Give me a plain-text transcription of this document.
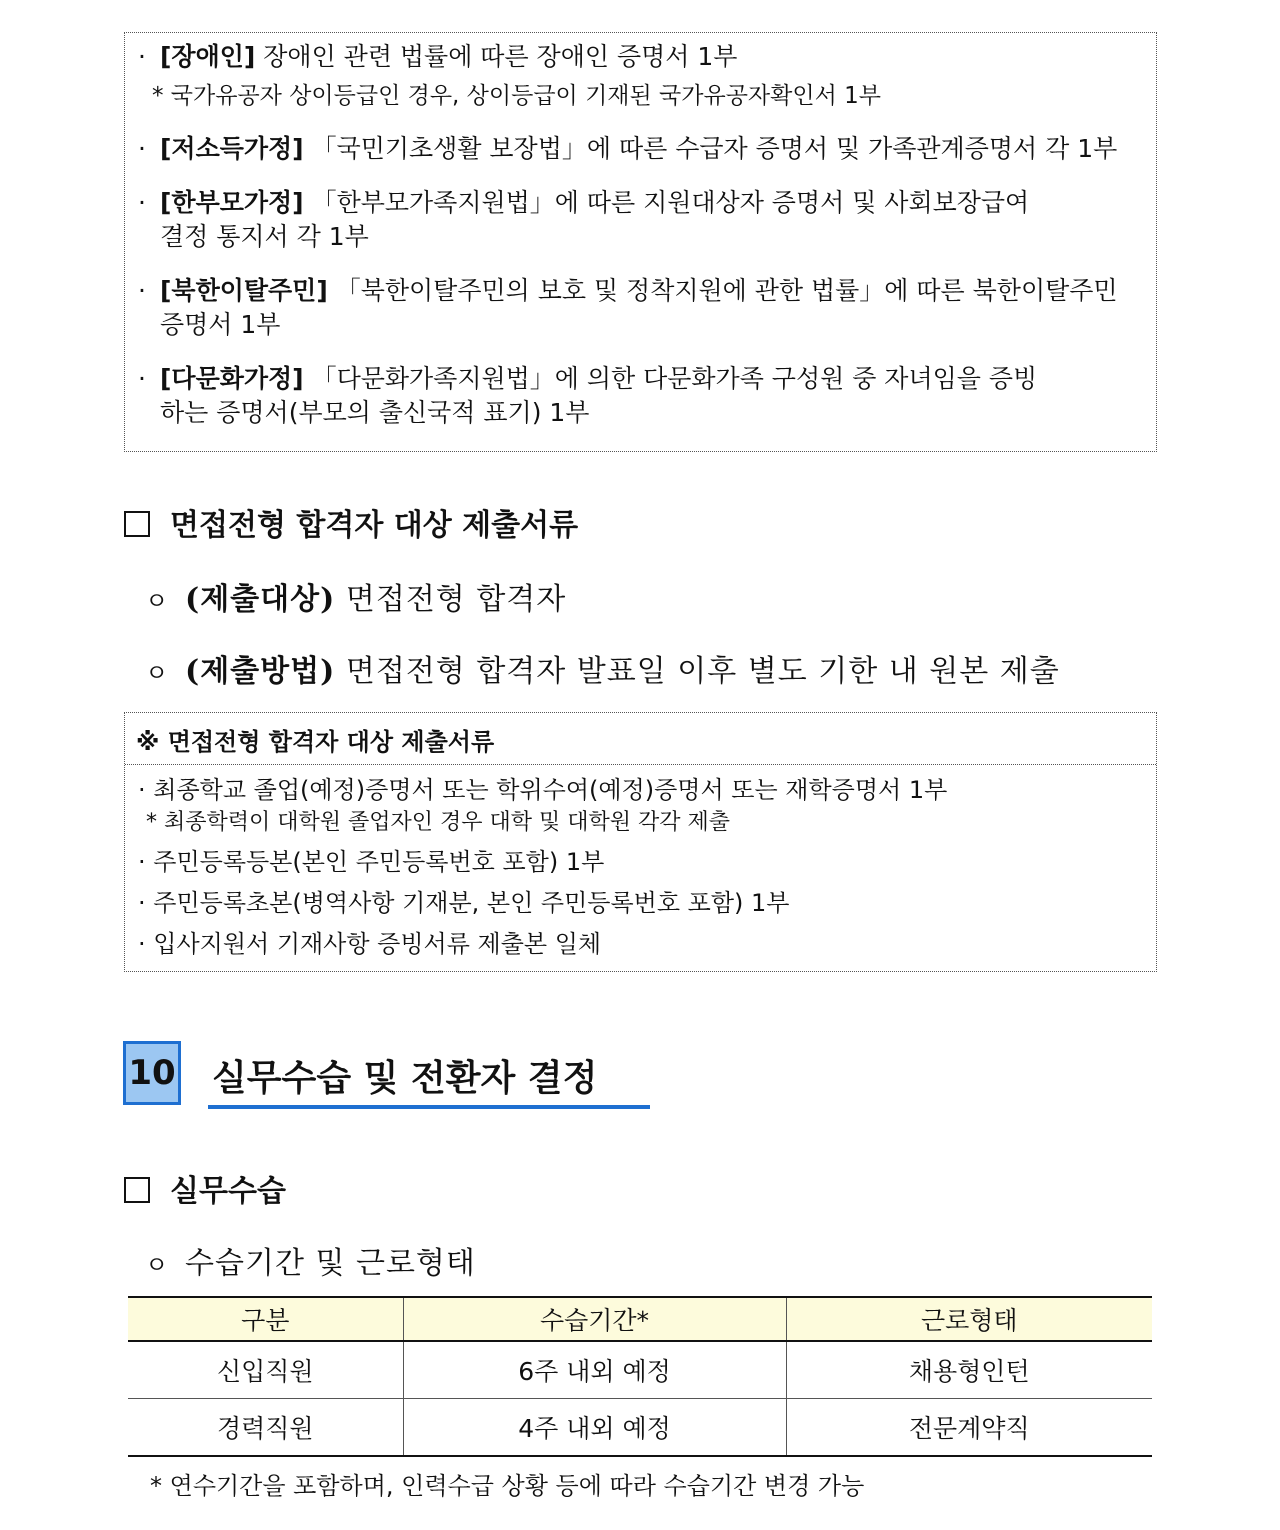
· [장애인] 장애인 관련 법률에 따른 장애인 증명서 1부
* 국가유공자 상이등급인 경우, 상이등급이 기재된 국가유공자확인서 1부
· [저소득가정] 「국민기초생활 보장법」에 따른 수급자 증명서 및 가족관계증명서 각 1부
· [한부모가정] 「한부모가족지원법」에 따른 지원대상자 증명서 및 사회보장급여
결정 통지서 각 1부
· [북한이탈주민] 「북한이탈주민의 보호 및 정착지원에 관한 법률」에 따른 북한이탈주민
증명서 1부
· [다문화가정] 「다문화가족지원법」에 의한 다문화가족 구성원 중 자녀임을 증빙
하는 증명서(부모의 출신국적 표기) 1부
면접전형 합격자 대상 제출서류
ㅇ (제출대상) 면접전형 합격자
ㅇ (제출방법) 면접전형 합격자 발표일 이후 별도 기한 내 원본 제출
※ 면접전형 합격자 대상 제출서류
· 최종학교 졸업(예정)증명서 또는 학위수여(예정)증명서 또는 재학증명서 1부
* 최종학력이 대학원 졸업자인 경우 대학 및 대학원 각각 제출
· 주민등록등본(본인 주민등록번호 포함) 1부
· 주민등록초본(병역사항 기재분, 본인 주민등록번호 포함) 1부
· 입사지원서 기재사항 증빙서류 제출본 일체
10 실무수습 및 전환자 결정
실무수습
ㅇ 수습기간 및 근로형태
구분	수습기간*	근로형태
신입직원	6주 내외 예정	채용형인턴
경력직원	4주 내외 예정	전문계약직
* 연수기간을 포함하며, 인력수급 상황 등에 따라 수습기간 변경 가능
